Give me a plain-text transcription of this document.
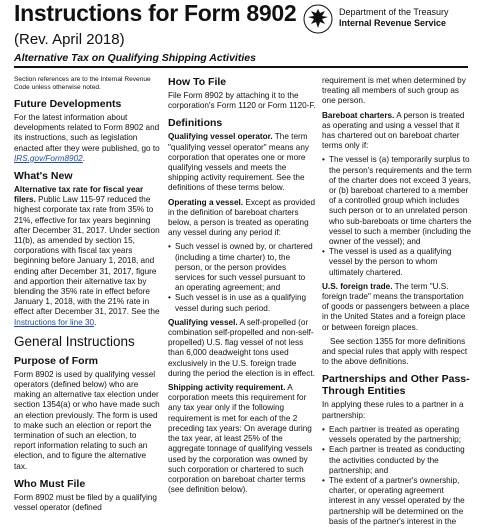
Instructions for Form 8902
(Rev. April 2018)
Alternative Tax on Qualifying Shipping Activities
Department of the Treasury
Internal Revenue Service

Section references are to the Internal Revenue Code unless otherwise noted.

Future Developments

For the latest information about developments related to Form 8902 and its instructions, such as legislation enacted after they were published, go to IRS.gov/Form8902.

What's New

Alternative tax rate for fiscal year filers. Public Law 115-97 reduced the highest corporate tax rate from 35% to 21%, effective for tax years beginning after December 31, 2017. Under section 11(b), as amended by section 15, corporations with fiscal tax years beginning before January 1, 2018, and ending after December 31, 2017, figure and apportion their alternative tax by blending the 35% rate in effect before January 1, 2018, with the 21% rate in effect after December 31, 2017. See the Instructions for line 30.

General Instructions
Purpose of Form

Form 8902 is used by qualifying vessel operators (defined below) who are making an alternative tax election under section 1354(a) or who have made such an election previously. The form is used to make such an election or report the termination of such an election, to report information relating to such an election, and to figure the alternative tax.

Who Must File

Form 8902 must be filed by a qualifying vessel operator (defined

How To File

File Form 8902 by attaching it to the corporation's Form 1120 or Form 1120-F.

Definitions

Qualifying vessel operator. The term "qualifying vessel operator" means any corporation that operates one or more qualifying vessels and meets the shipping activity requirement. See the definitions of these terms below.

Operating a vessel. Except as provided in the definition of bareboat charters below, a person is treated as operating any vessel during any period if:

• Such vessel is owned by, or chartered (including a time charter) to, the person, or the person provides services for such vessel pursuant to an operating agreement; and
• Such vessel is in use as a qualifying vessel during such period.

Qualifying vessel. A self-propelled (or combination self-propelled and non-self-propelled) U.S. flag vessel of not less than 6,000 deadweight tons used exclusively in the U.S. foreign trade during the period the election is in effect.

Shipping activity requirement. A corporation meets this requirement for any tax year only if the following requirement is met for each of the 2 preceding tax years: On average during the tax year, at least 25% of the aggregate tonnage of qualifying vessels used by the corporation was owned by such corporation or chartered to such corporation on bareboat charter terms (see definition below).

requirement is met when determined by treating all members of such group as one person.

Bareboat charters. A person is treated as operating and using a vessel that it has chartered out on bareboat charter terms only if:

• The vessel is (a) temporarily surplus to the person's requirements and the term of the charter does not exceed 3 years, or (b) bareboat chartered to a member of a controlled group which includes such person or to an unrelated person who sub-bareboats or time charters the vessel to such a member (including the owner of the vessel); and
• The vessel is used as a qualifying vessel by the person to whom ultimately chartered.

U.S. foreign trade. The term "U.S. foreign trade" means the transportation of goods or passengers between a place in the United States and a foreign place or between foreign places.

See section 1355 for more definitions and special rules that apply with respect to the above definitions.

Partnerships and Other Pass-Through Entities

In applying these rules to a partner in a partnership:

• Each partner is treated as operating vessels operated by the partnership;
• Each partner is treated as conducting the activities conducted by the partnership; and
• The extent of a partner's ownership, charter, or operating agreement interest in any vessel operated by the partnership will be determined on the basis of the partner's interest in the
